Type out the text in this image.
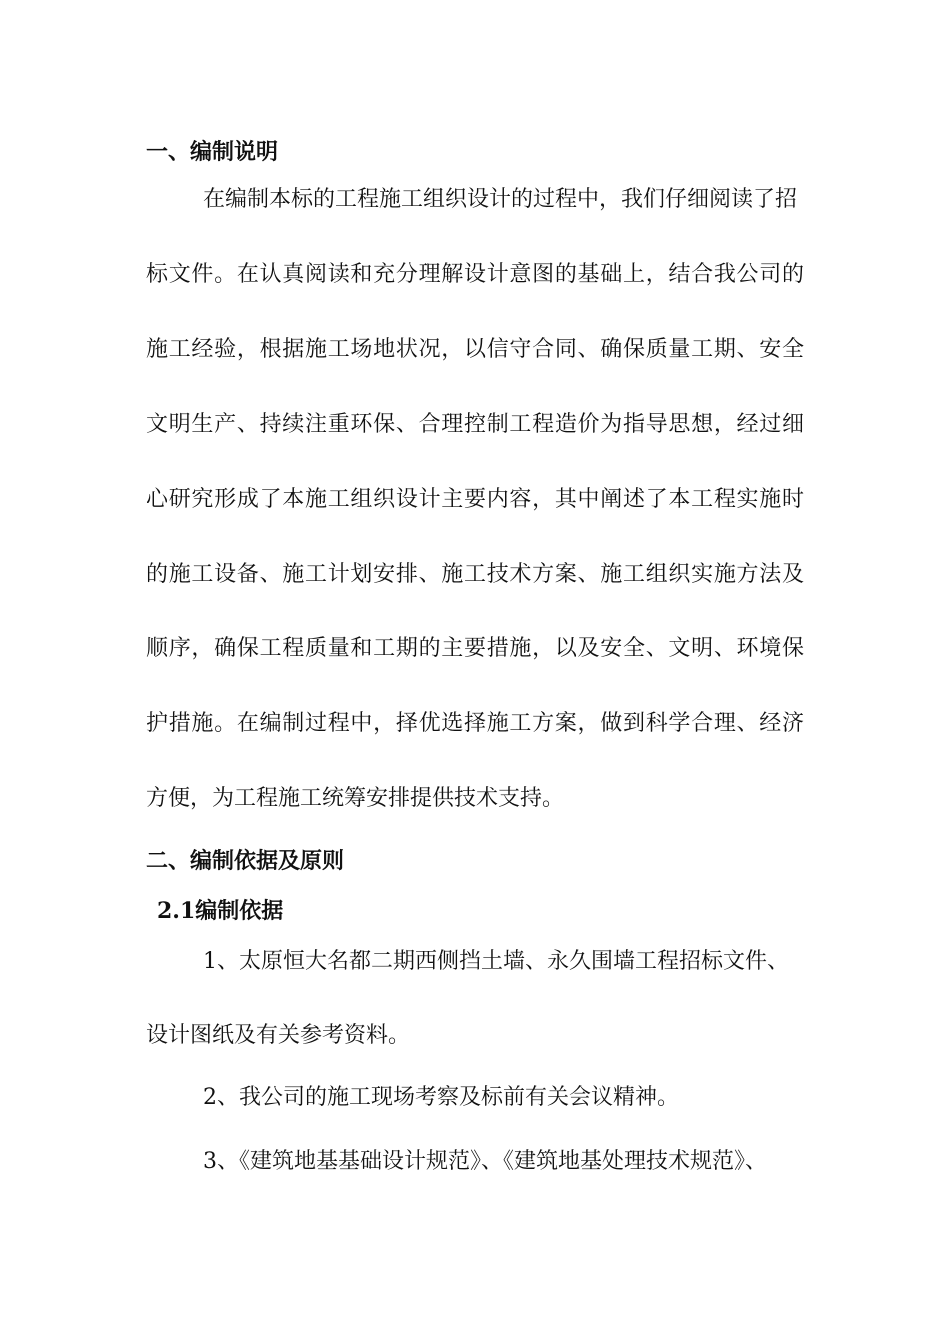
一、编制说明
在编制本标的工程施工组织设计的过程中，我们仔细阅读了招
标文件。在认真阅读和充分理解设计意图的基础上，结合我公司的
施工经验，根据施工场地状况，以信守合同、确保质量工期、安全
文明生产、持续注重环保、合理控制工程造价为指导思想，经过细
心研究形成了本施工组织设计主要内容，其中阐述了本工程实施时
的施工设备、施工计划安排、施工技术方案、施工组织实施方法及
顺序，确保工程质量和工期的主要措施，以及安全、文明、环境保
护措施。在编制过程中，择优选择施工方案，做到科学合理、经济
方便，为工程施工统筹安排提供技术支持。
二、编制依据及原则
2.1编制依据
1、太原恒大名都二期西侧挡土墙、永久围墙工程招标文件、
设计图纸及有关参考资料。
2、我公司的施工现场考察及标前有关会议精神。
3、《建筑地基基础设计规范》、《建筑地基处理技术规范》、
